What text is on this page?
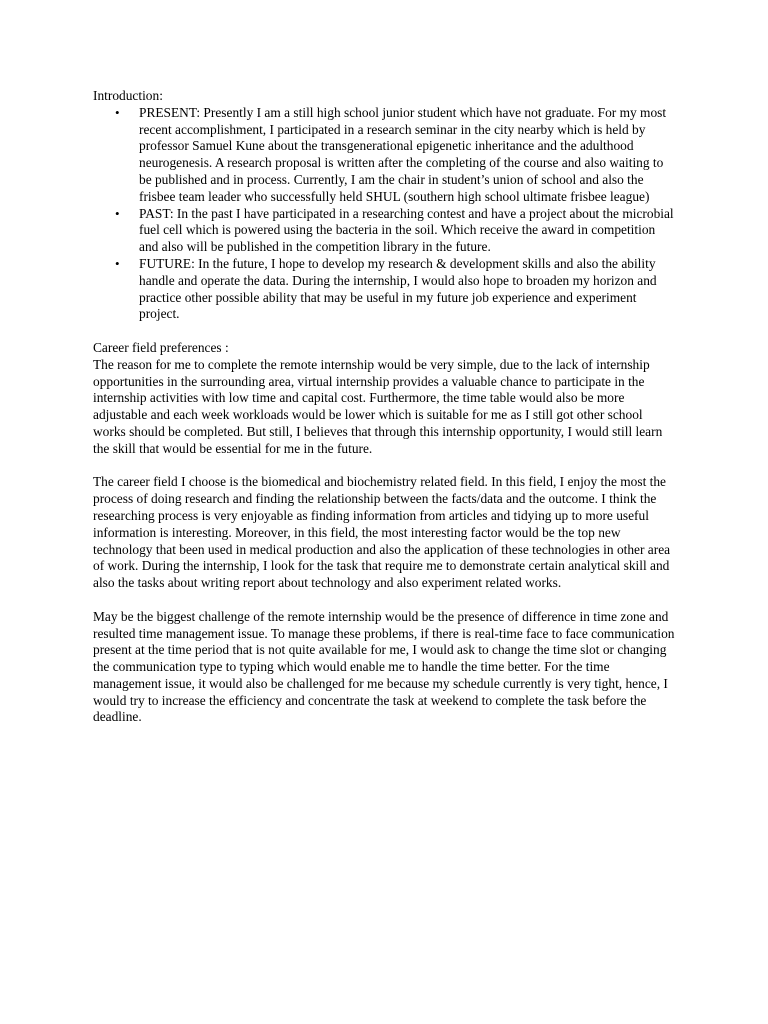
Introduction:

• PRESENT: Presently I am a still high school junior student which have not graduate. For my most recent accomplishment, I participated in a research seminar in the city nearby which is held by professor Samuel Kune about the transgenerational epigenetic inheritance and the adulthood neurogenesis. A research proposal is written after the completing of the course and also waiting to be published and in process. Currently, I am the chair in student’s union of school and also the frisbee team leader who successfully held SHUL (southern high school ultimate frisbee league)
• PAST: In the past I have participated in a researching contest and have a project about the microbial fuel cell which is powered using the bacteria in the soil. Which receive the award in competition and also will be published in the competition library in the future.
• FUTURE: In the future, I hope to develop my research & development skills and also the ability handle and operate the data. During the internship, I would also hope to broaden my horizon and practice other possible ability that may be useful in my future job experience and experiment project.

Career field preferences :

The reason for me to complete the remote internship would be very simple, due to the lack of internship opportunities in the surrounding area, virtual internship provides a valuable chance to participate in the internship activities with low time and capital cost. Furthermore, the time table would also be more adjustable and each week workloads would be lower which is suitable for me as I still got other school works should be completed. But still, I believes that through this internship opportunity, I would still learn the skill that would be essential for me in the future.

The career field I choose is the biomedical and biochemistry related field. In this field, I enjoy the most the process of doing research and finding the relationship between the facts/data and the outcome. I think the researching process is very enjoyable as finding information from articles and tidying up to more useful information is interesting. Moreover, in this field, the most interesting factor would be the top new technology that been used in medical production and also the application of these technologies in other area of work. During the internship, I look for the task that require me to demonstrate certain analytical skill and also the tasks about writing report about technology and also experiment related works.

May be the biggest challenge of the remote internship would be the presence of difference in time zone and resulted time management issue. To manage these problems, if there is real-time face to face communication present at the time period that is not quite available for me, I would ask to change the time slot or changing the communication type to typing which would enable me to handle the time better. For the time management issue, it would also be challenged for me because my schedule currently is very tight, hence, I would try to increase the efficiency and concentrate the task at weekend to complete the task before the deadline.
